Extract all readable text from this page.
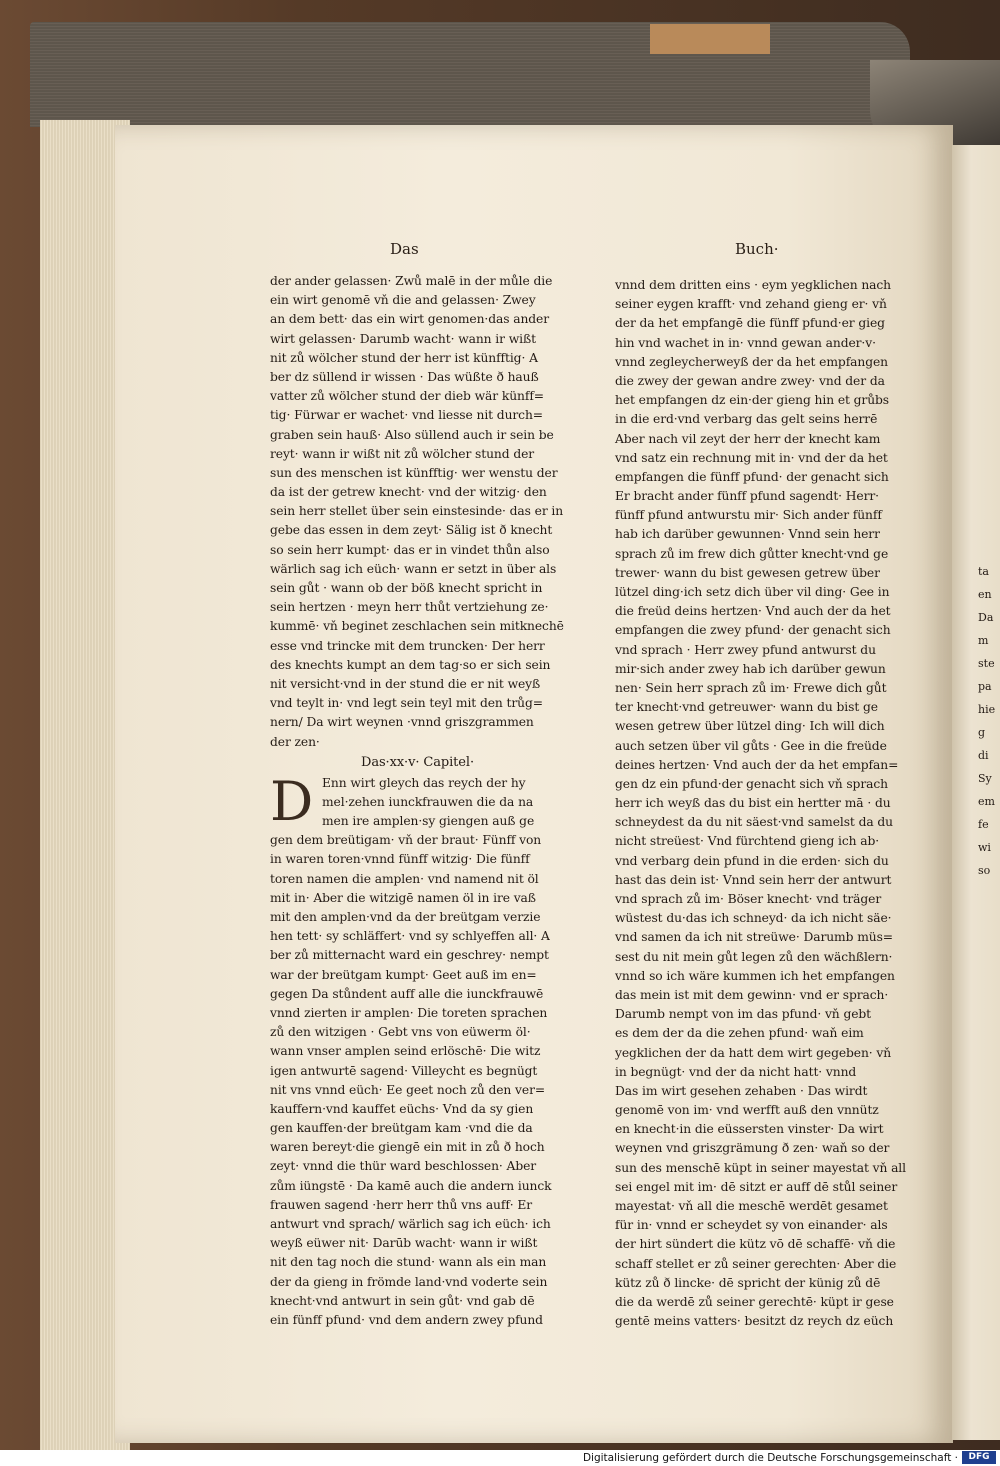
Das	Buch·
der ander gelassen· Zwů malē in der můle die
ein wirt genomē vň die and gelassen· Zwey
an dem bett· das ein wirt genomen·das ander
wirt gelassen· Darumb wacht· wann ir wißt
nit zů wölcher stund der herr ist künfftig· A
ber dz süllend ir wissen · Das wüßte ð hauß
vatter zů wölcher stund der dieb wär künff=
tig· Fürwar er wachet· vnd liesse nit durch=
graben sein hauß· Also süllend auch ir sein be
reyt· wann ir wißt nit zů wölcher stund der
sun des menschen ist künfftig· wer wenstu der
da ist der getrew knecht· vnd der witzig· den
sein herr stellet über sein einstesinde· das er in
gebe das essen in dem zeyt· Sälig ist ð knecht
so sein herr kumpt· das er in vindet thůn also
wärlich sag ich eüch· wann er setzt in über als
sein gůt · wann ob der böß knecht spricht in
sein hertzen · meyn herr thůt vertziehung ze·
kummē· vň beginet zeschlachen sein mitknechē
esse vnd trincke mit dem truncken· Der herr
des knechts kumpt an dem tag·so er sich sein
nit versicht·vnd in der stund die er nit weyß
vnd teylt in· vnd legt sein teyl mit den trůg=
nern/ Da wirt weynen ·vnnd griszgrammen
der zen·
Das·xx·v· Capitel·
D Enn wirt gleych das reych der hy
mel·zehen iunckfrauwen die da na
men ire amplen·sy giengen auß ge
gen dem breütigam· vň der braut· Fünff von
in waren toren·vnnd fünff witzig· Die fünff
toren namen die amplen· vnd namend nit öl
mit in· Aber die witzigē namen öl in ire vaß
mit den amplen·vnd da der breütgam verzie
hen tett· sy schläffert· vnd sy schlyeffen all· A
ber zů mitternacht ward ein geschrey· nempt
war der breütgam kumpt· Geet auß im en=
gegen Da stůndent auff alle die iunckfrauwē
vnnd zierten ir amplen· Die toreten sprachen
zů den witzigen · Gebt vns von eüwerm öl·
wann vnser amplen seind erlöschē· Die witz
igen antwurtē sagend· Villeycht es begnügt
nit vns vnnd eüch· Ee geet noch zů den ver=
kauffern·vnd kauffet eüchs· Vnd da sy gien
gen kauffen·der breütgam kam ·vnd die da
waren bereyt·die giengē ein mit in zů ð hoch
zeyt· vnnd die thür ward beschlossen· Aber
zům iüngstē · Da kamē auch die andern iunck
frauwen sagend ·herr herr thů vns auff· Er
antwurt vnd sprach/ wärlich sag ich eüch· ich
weyß eüwer nit· Darūb wacht· wann ir wißt
nit den tag noch die stund· wann als ein man
der da gieng in frömde land·vnd voderte sein
knecht·vnd antwurt in sein gůt· vnd gab dē
ein fünff pfund· vnd dem andern zwey pfund
vnnd dem dritten eins · eym yegklichen nach
seiner eygen krafft· vnd zehand gieng er· vň
der da het empfangē die fünff pfund·er gieg
hin vnd wachet in in· vnnd gewan ander·v·
vnnd zegleycherweyß der da het empfangen
die zwey der gewan andre zwey· vnd der da
het empfangen dz ein·der gieng hin et grůbs
in die erd·vnd verbarg das gelt seins herrē
Aber nach vil zeyt der herr der knecht kam
vnd satz ein rechnung mit in· vnd der da het
empfangen die fünff pfund· der genacht sich
Er bracht ander fünff pfund sagendt· Herr·
fünff pfund antwurstu mir· Sich ander fünff
hab ich darüber gewunnen· Vnnd sein herr
sprach zů im frew dich gůtter knecht·vnd ge
trewer· wann du bist gewesen getrew über
lützel ding·ich setz dich über vil ding· Gee in
die freüd deins hertzen· Vnd auch der da het
empfangen die zwey pfund· der genacht sich
vnd sprach · Herr zwey pfund antwurst du
mir·sich ander zwey hab ich darüber gewun
nen· Sein herr sprach zů im· Frewe dich gůt
ter knecht·vnd getreuwer· wann du bist ge
wesen getrew über lützel ding· Ich will dich
auch setzen über vil gůts · Gee in die freüde
deines hertzen· Vnd auch der da het empfan=
gen dz ein pfund·der genacht sich vň sprach
herr ich weyß das du bist ein hertter mā · du
schneydest da du nit säest·vnd samelst da du
nicht streüest· Vnd fürchtend gieng ich ab·
vnd verbarg dein pfund in die erden· sich du
hast das dein ist· Vnnd sein herr der antwurt
vnd sprach zů im· Böser knecht· vnd träger
wüstest du·das ich schneyd· da ich nicht säe·
vnd samen da ich nit streüwe· Darumb müs=
sest du nit mein gůt legen zů den wächßlern·
vnnd so ich wäre kummen ich het empfangen
das mein ist mit dem gewinn· vnd er sprach·
Darumb nempt von im das pfund· vň gebt
es dem der da die zehen pfund· waň eim
yegklichen der da hatt dem wirt gegeben· vň
in begnügt· vnd der da nicht hatt· vnnd
Das im wirt gesehen zehaben · Das wirdt
genomē von im· vnd werfft auß den vnnütz
en knecht·in die eüssersten vinster· Da wirt
weynen vnd griszgrämung ð zen· waň so der
sun des menschē küpt in seiner mayestat vň all
sei engel mit im· dē sitzt er auff dē stůl seiner
mayestat· vň all die meschē werdēt gesamet
für in· vnnd er scheydet sy von einander· als
der hirt sündert die kütz vō dē schaffē· vň die
schaff stellet er zů seiner gerechten· Aber die
kütz zů ð lincke· dē spricht der künig zů dē
die da werdē zů seiner gerechtē· küpt ir gese
gentē meins vatters· besitzt dz reych dz eüch
ta
en
Da
m
ste
pa
hie
g
di
Sy
em
fe
wi
so
Digitalisierung gefördert durch die Deutsche Forschungsgemeinschaft ·	DFG
